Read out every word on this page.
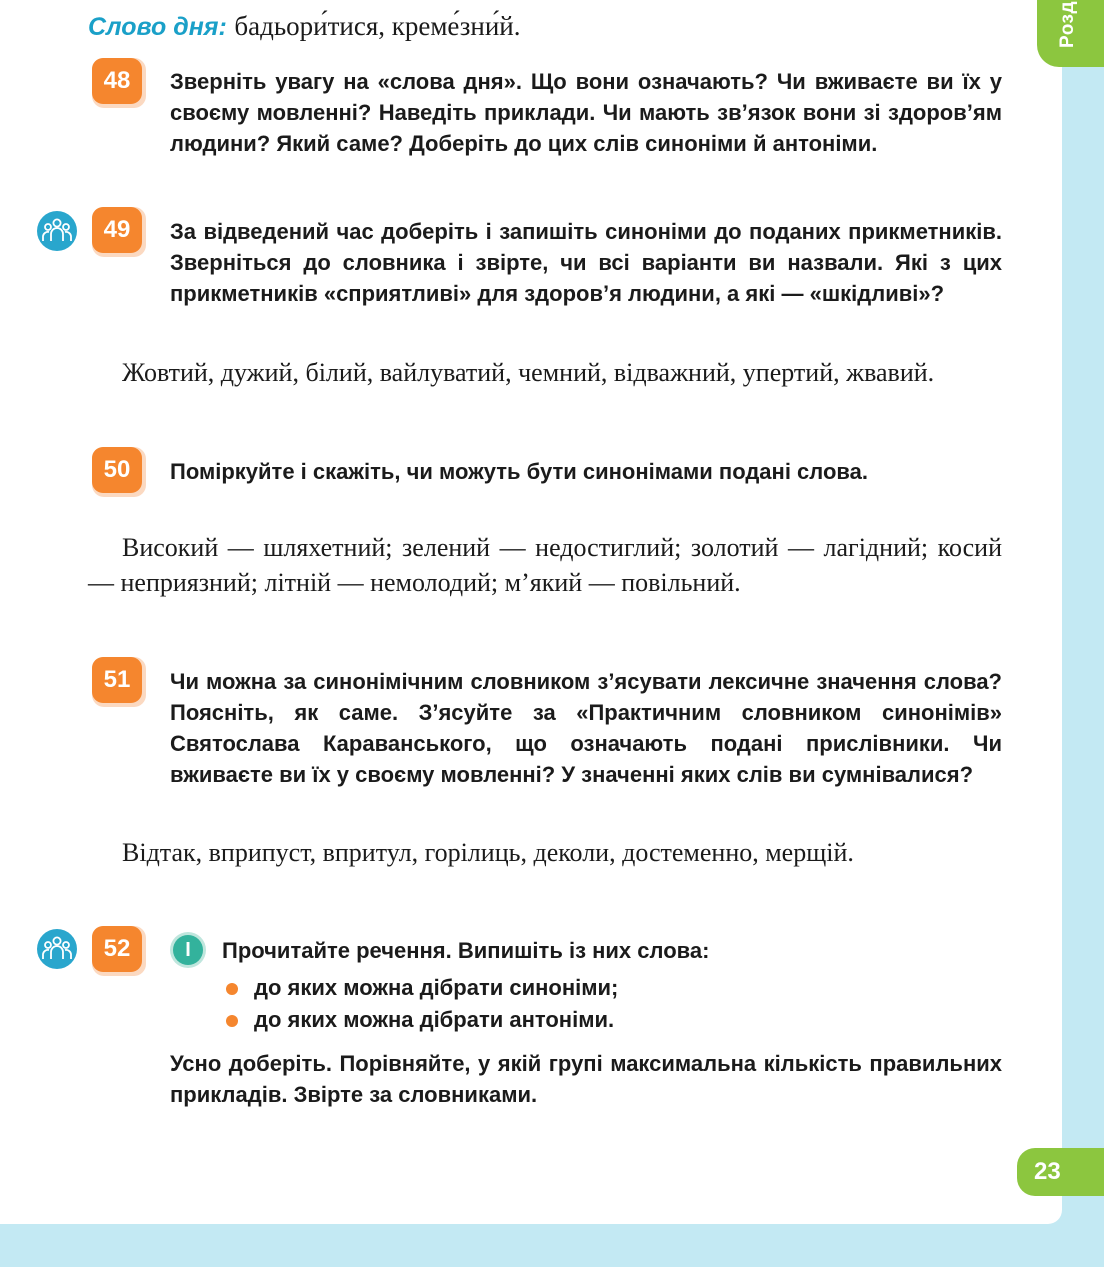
Розд
Слово дня: бадьори́тися, креме́зни́й.
48	Зверніть увагу на «слова дня». Що вони означають? Чи вживаєте ви їх у своєму мовленні? Наведіть приклади. Чи мають зв’язок вони зі здоров’ям людини? Який саме? Доберіть до цих слів синоніми й антоніми.

49	За відведений час доберіть і запишіть синоніми до поданих прикметників. Зверніться до словника і звірте, чи всі варіанти ви назвали. Які з цих прикметників «сприятливі» для здоров’я людини, а які — «шкідливі»?

Жовтий, дужий, білий, вайлуватий, чемний, відважний, упертий, жвавий.

50	Поміркуйте і скажіть, чи можуть бути синонімами подані слова.

Високий — шляхетний; зелений — недостиглий; золотий — лагідний; косий — неприязний; літній — немолодий; м’який — повільний.

51	Чи можна за синонімічним словником з’ясувати лексичне значення слова? Поясніть, як саме. З’ясуйте за «Практичним словником синонімів» Святослава Караванського, що означають подані прислівники. Чи вживаєте ви їх у своєму мовленні? У значенні яких слів ви сумнівалися?

Відтак, вприпуст, впритул, горілиць, деколи, достеменно, мерщій.

52	I	Прочитайте речення. Випишіть із них слова:

до яких можна дібрати синоніми;
до яких можна дібрати антоніми.

Усно доберіть. Порівняйте, у якій групі максимальна кількість правильних прикладів. Звірте за словниками.

23
